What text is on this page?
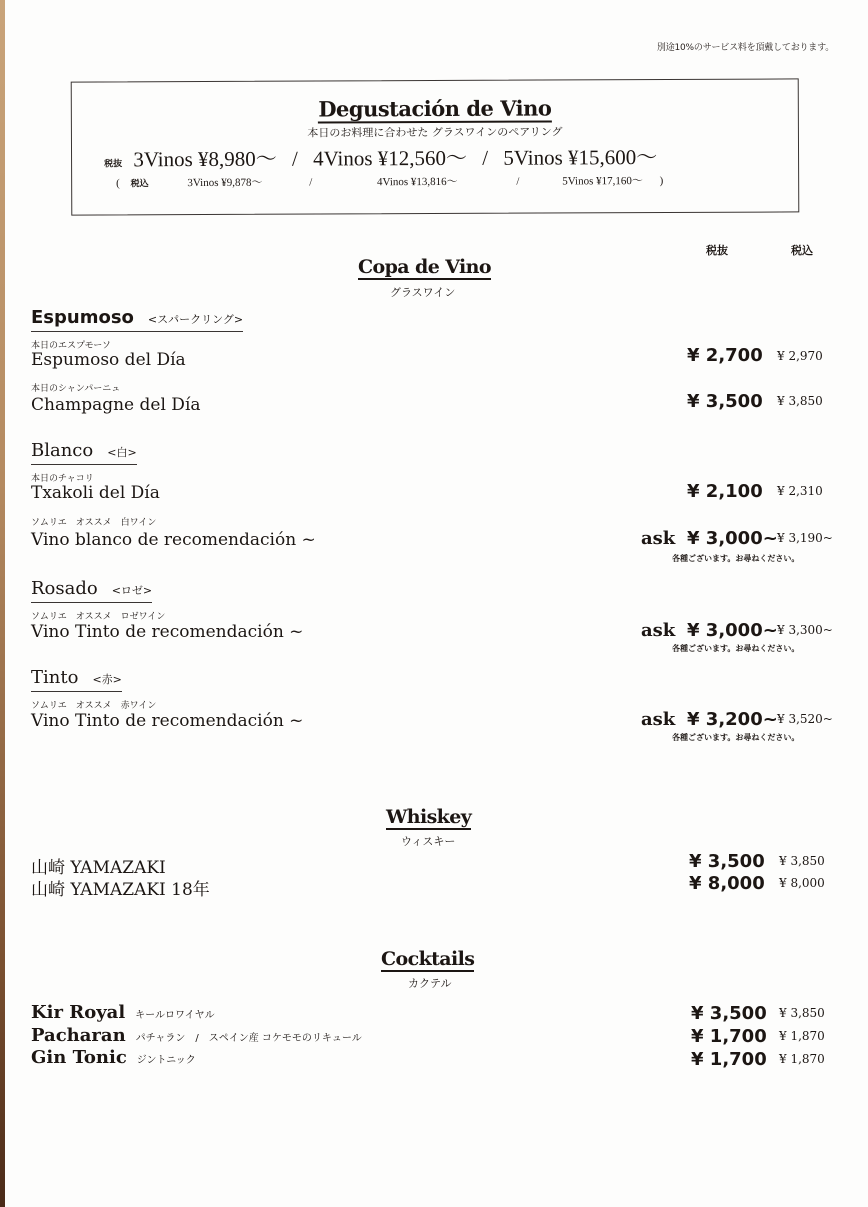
別途10%のサービス料を頂戴しております。
Degustación de Vino
本日のお料理に合わせた グラスワインのペアリング
税抜 3Vinos ¥8,980～ / 4Vinos ¥12,560～ / 5Vinos ¥15,600～
( 税込	3Vinos ¥9,878～	/	4Vinos ¥13,816～	/	5Vinos ¥17,160～ )
税抜	税込
Copa de Vino
グラスワイン
Espumoso <スパークリング>
本日のエスプモーソ
Espumoso del Día	¥ 2,700 ¥ 2,970
本日のシャンパーニュ
Champagne del Día	¥ 3,500 ¥ 3,850
Blanco <白>
本日のチャコリ
Txakoli del Día	¥ 2,100 ¥ 2,310
ソムリエ　オススメ　白ワイン
Vino blanco de recomendación ~	ask ¥ 3,000~ ¥ 3,190~
各種ございます。お尋ねください。
Rosado <ロゼ>
ソムリエ　オススメ　ロゼワイン
Vino Tinto de recomendación ~	ask ¥ 3,000~ ¥ 3,300~
各種ございます。お尋ねください。
Tinto <赤>
ソムリエ　オススメ　赤ワイン
Vino Tinto de recomendación ~	ask ¥ 3,200~ ¥ 3,520~
各種ございます。お尋ねください。
Whiskey
ウィスキー
山崎 YAMAZAKI	¥ 3,500 ¥ 3,850
山崎 YAMAZAKI 18年	¥ 8,000 ¥ 8,000
Cocktails
カクテル
Kir Royal キールロワイヤル	¥ 3,500 ¥ 3,850
Pacharan パチャラン　/　スペイン産 コケモモのリキュール	¥ 1,700 ¥ 1,870
Gin Tonic ジントニック	¥ 1,700 ¥ 1,870
